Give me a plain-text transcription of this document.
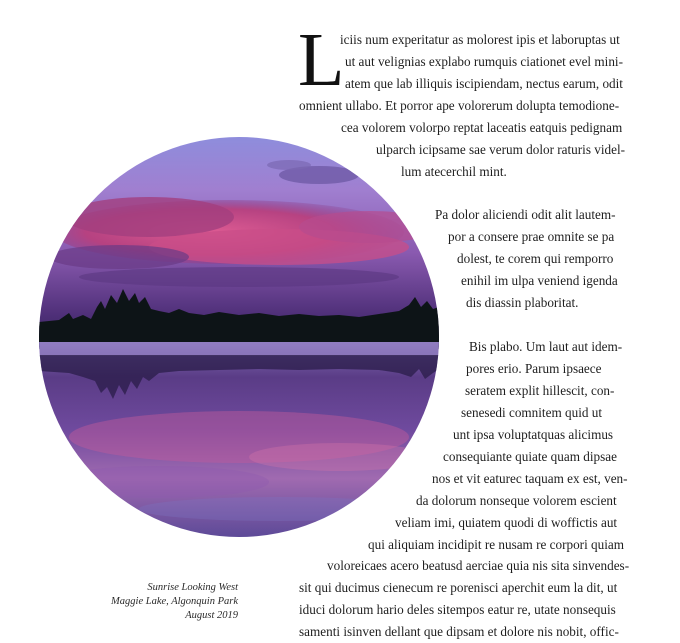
Sunrise Looking West
Maggie Lake, Algonquin Park
August 2019
L
iciis num experitatur as molorest ipis et laboruptas ut
ut aut velignias explabo rumquis ciationet evel mini-
atem que lab illiquis iscipiendam, nectus earum, odit
omnient ullabo. Et porror ape volorerum dolupta temodione-
cea volorem volorpo reptat laceatis eatquis pedignam
ulparch icipsame sae verum dolor raturis videl-
lum atecerchil mint.
Pa dolor aliciendi odit alit lautem-
por a consere prae omnite se pa
dolest, te corem qui remporro
enihil im ulpa veniend igenda
dis diassin plaboritat.
Bis plabo. Um laut aut idem-
pores erio. Parum ipsaece
seratem explit hillescit, con-
senesedi comnitem quid ut
unt ipsa voluptatquas alicimus
consequiante quiate quam dipsae
nos et vit eaturec taquam ex est, ven-
da dolorum nonseque volorem escient
veliam imi, quiatem quodi di woffictis aut
qui aliquiam incidipit re nusam re corpori quiam
voloreicaes acero beatusd aerciae quia nis sita sinvendes-
sit qui ducimus cienecum re porenisci aperchit eum la dit, ut
iduci dolorum hario deles sitempos eatur re, utate nonsequis
samenti isinven dellant que dipsam et dolore nis nobit, offic-
